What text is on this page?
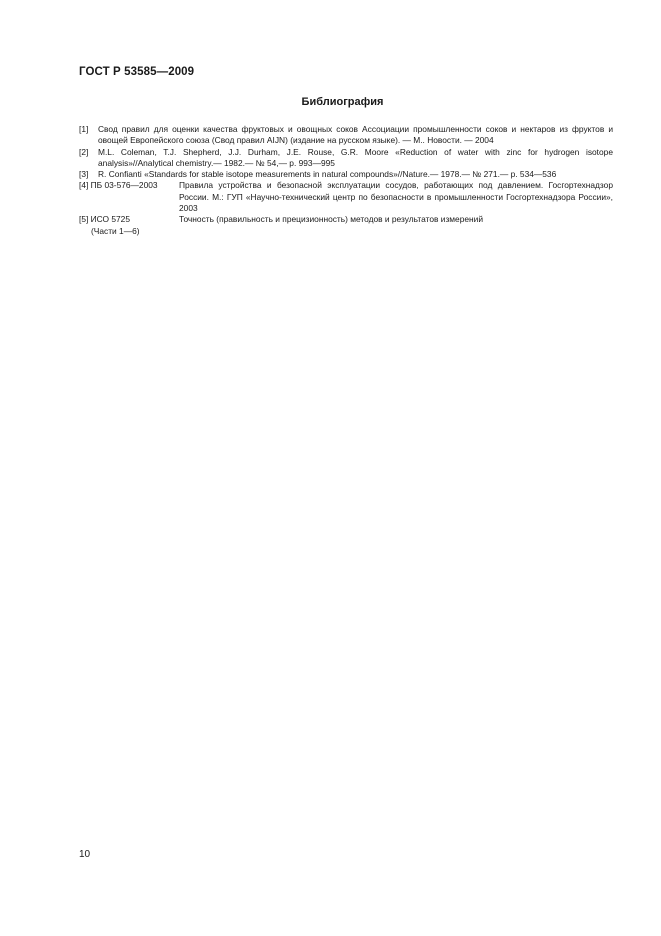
ГОСТ Р 53585—2009
Библиография

[1] Свод правил для оценки качества фруктовых и овощных соков Ассоциации промышленности соков и нектаров из фруктов и овощей Европейского союза (Свод правил AIJN) (издание на русском языке). — М.. Новости. — 2004

[2] M.L. Coleman, T.J. Shepherd, J.J. Durham, J.E. Rouse, G.R. Moore «Reduction of water with zinc for hydrogen isotope analysis»//Analytical chemistry.— 1982.— № 54,— p. 993—995

[3] R. Confianti «Standards for stable isotope measurements in natural compounds»//Nature.— 1978.— № 271.— p. 534—536

[4] ПБ 03-576—2003	Правила устройства и безопасной эксплуатации сосудов, работающих под давлением. Госгортехнадзор России. М.: ГУП «Научно-технический центр по безопасности в промышленности Госгортехнадзора России», 2003
[5] ИСО 5725
(Части 1—6)
Точность (правильность и прецизионность) методов и результатов измерений
10
